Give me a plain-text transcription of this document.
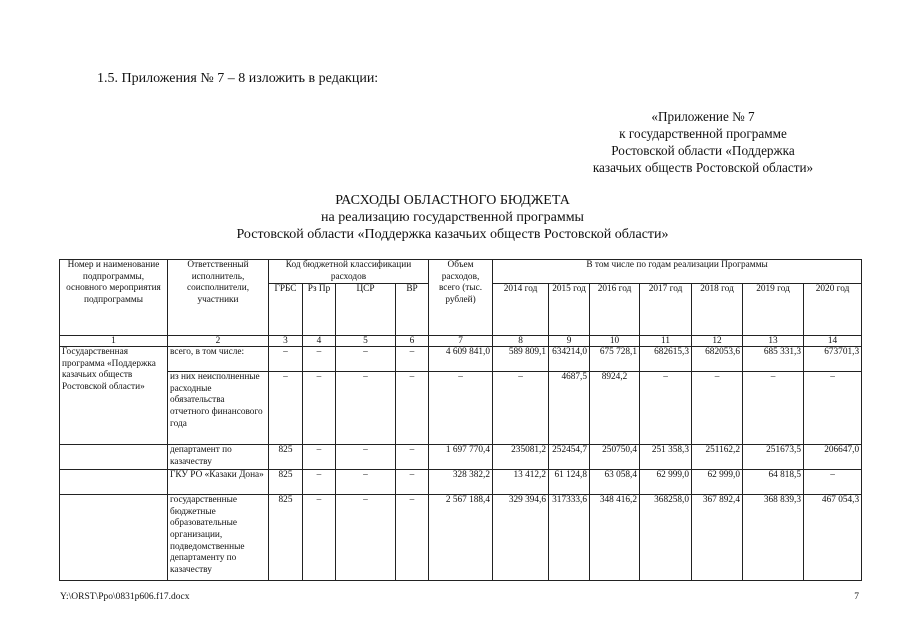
1.5. Приложения № 7 – 8 изложить в редакции:
«Приложение № 7
к государственной программе
Ростовской области «Поддержка
казачьих обществ Ростовской области»
РАСХОДЫ ОБЛАСТНОГО БЮДЖЕТА
на реализацию государственной программы
Ростовской области «Поддержка казачьих обществ Ростовской области»
Номер и наименование подпрограммы, основного мероприятия подпрограммы	Ответственный исполнитель, соисполнители, участники	Код бюджетной классификации расходов				Объем расходов, всего (тыс. рублей)	В том числе по годам реализации Программы						
		ГРБС	Рз Пр	ЦСР	ВР		2014 год	2015 год	2016 год	2017 год	2018 год	2019 год	2020 год
1	2	3	4	5	6	7	8	9	10	11	12	13	14
Государственная программа «Поддержка казачьих обществ Ростовской области»	всего, в том числе:	–	–	–	–	4 609 841,0	589 809,1	634214,0	675 728,1	682615,3	682053,6	685 331,3	673701,3
	из них неисполненные расходные обязательства отчетного финансового года	–	–	–	–	–	–	4687,5	8924,2	–	–	–	–
	департамент по казачеству	825	–	–	–	1 697 770,4	235081,2	252454,7	250750,4	251 358,3	251162,2	251673,5	206647,0
	ГКУ РО «Казаки Дона»	825	–	–	–	328 382,2	13 412,2	61 124,8	63 058,4	62 999,0	62 999,0	64 818,5	–
	государственные бюджетные образовательные организации, подведомственные департаменту по казачеству	825	–	–	–	2 567 188,4	329 394,6	317333,6	348 416,2	368258,0	367 892,4	368 839,3	467 054,3
Y:\ORST\Ppo\0831p606.f17.docx	7
